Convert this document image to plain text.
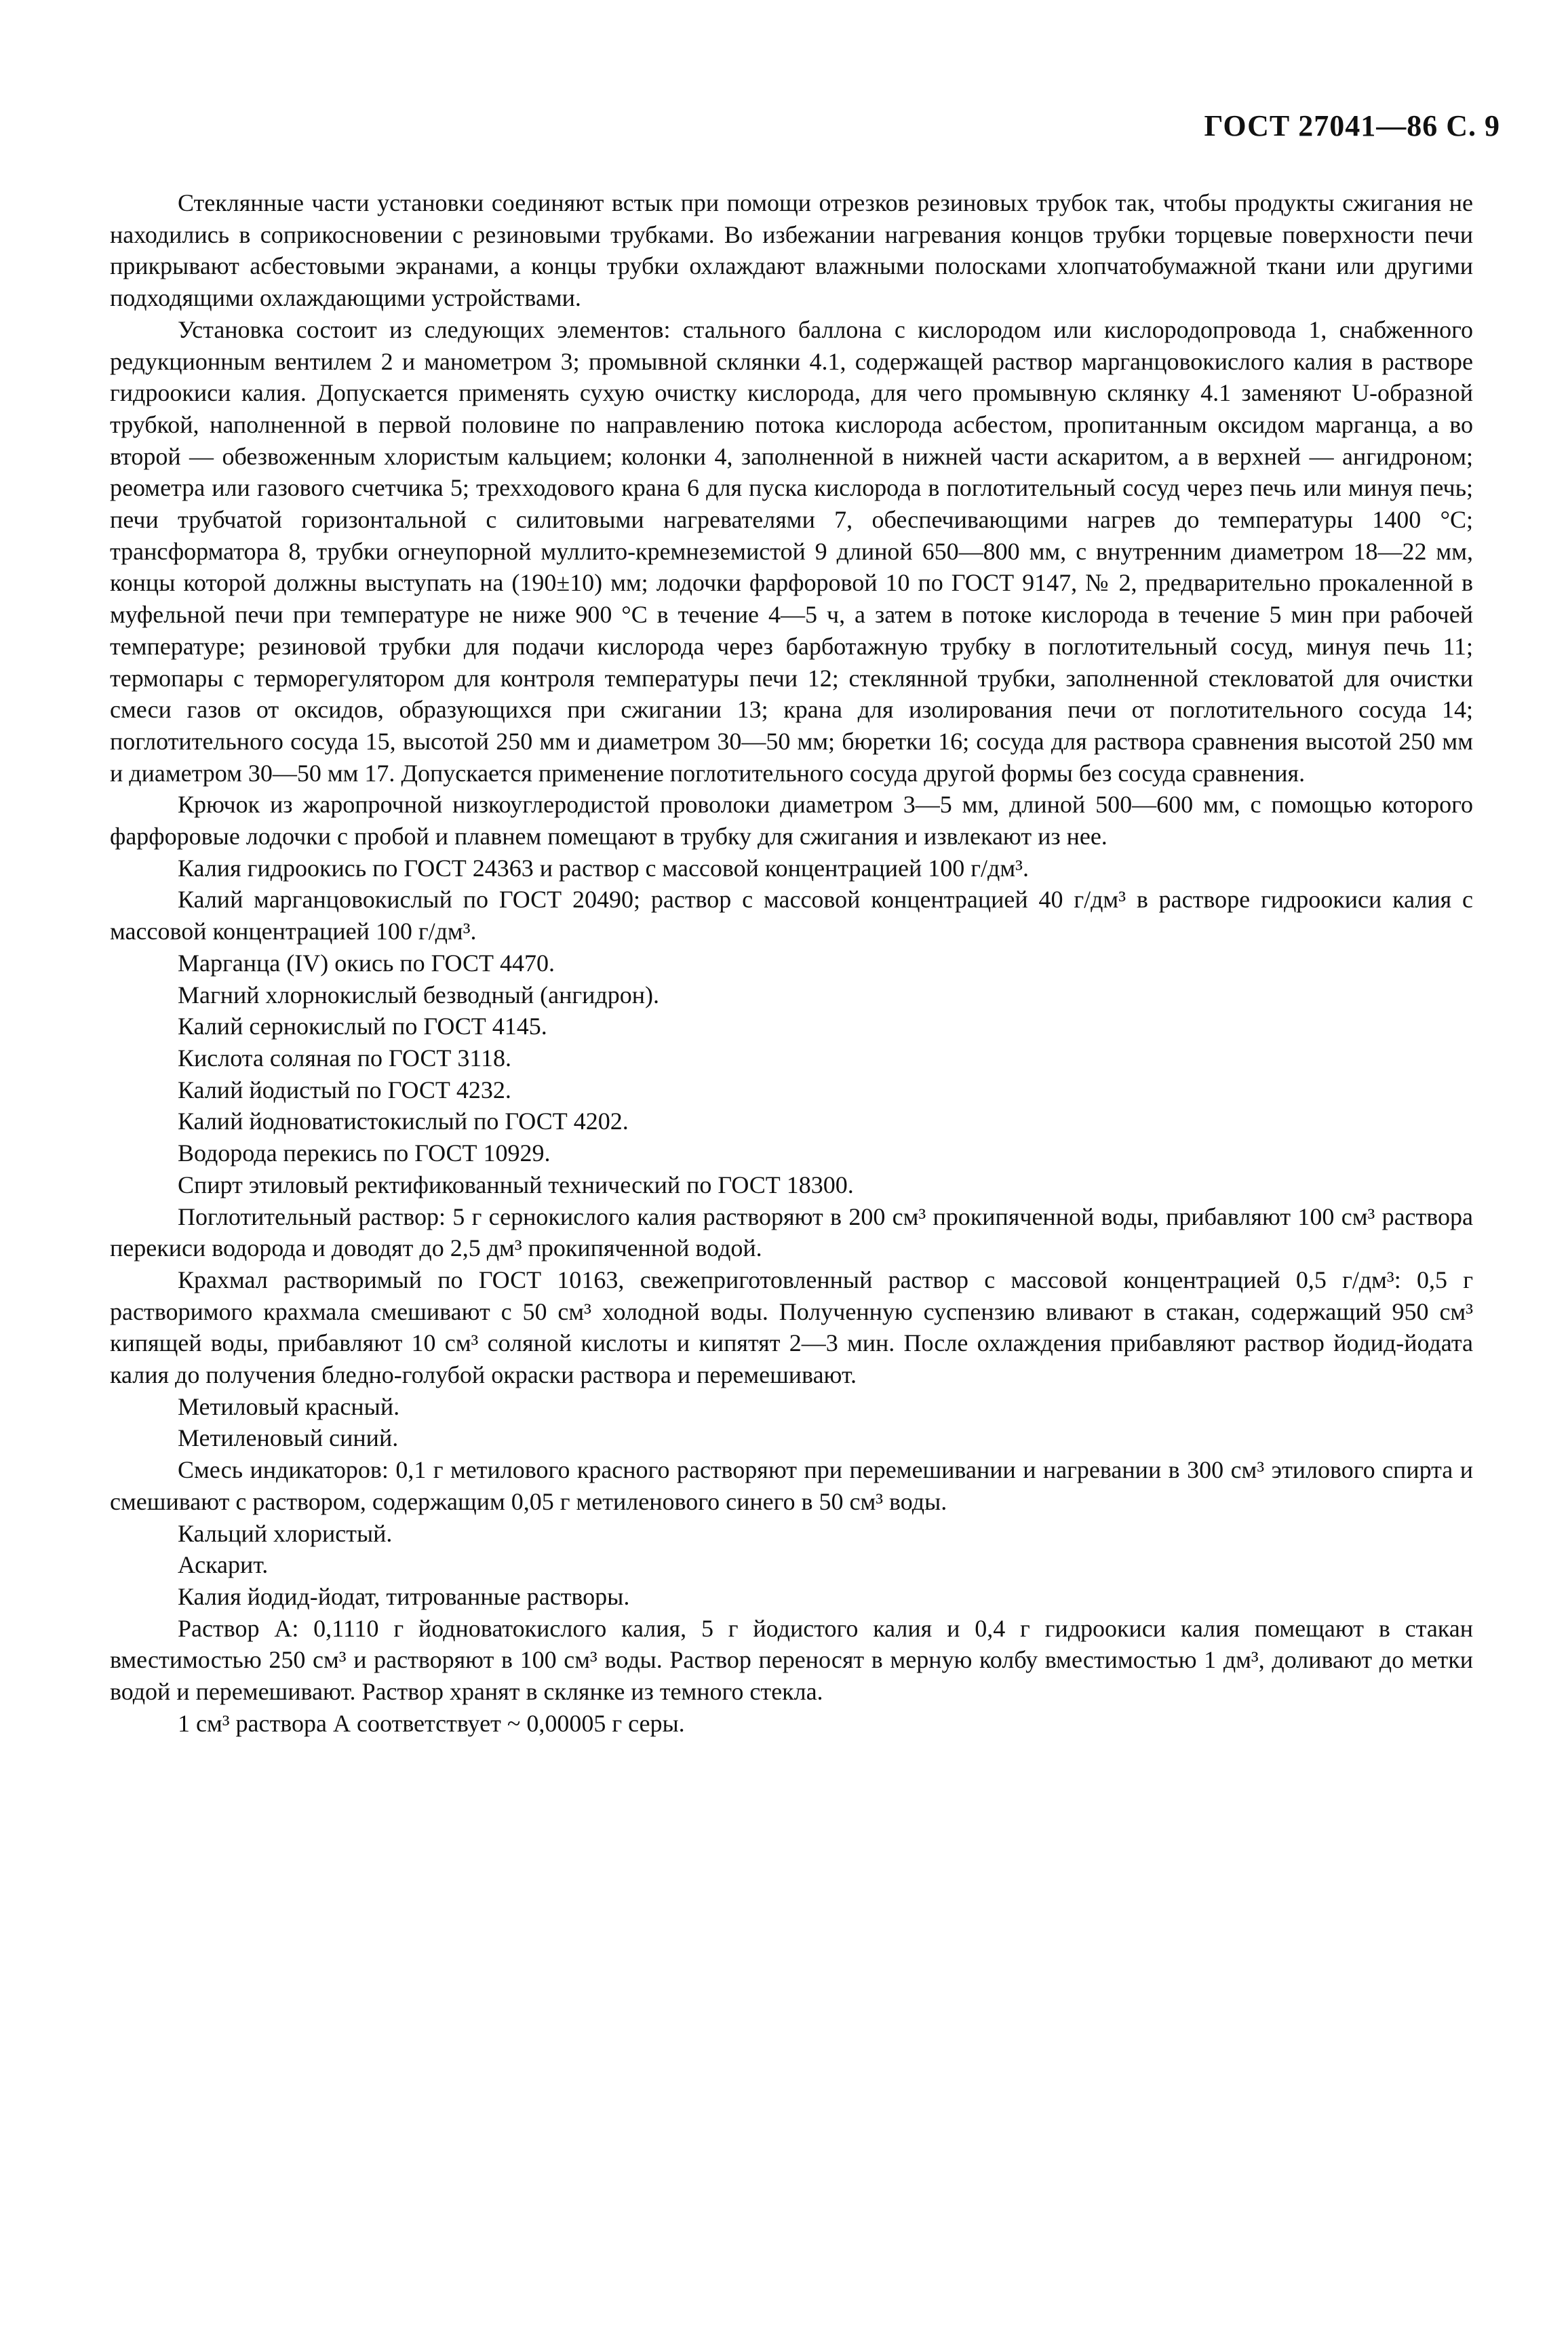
ГОСТ 27041—86 С. 9

Стеклянные части установки соединяют встык при помощи отрезков резиновых трубок так, чтобы продукты сжигания не находились в соприкосновении с резиновыми трубками. Во избежании нагревания концов трубки торцевые поверхности печи прикрывают асбестовыми экранами, а концы трубки охлаждают влажными полосками хлопчатобумажной ткани или другими подходящими охлаждающими устройствами.

Установка состоит из следующих элементов: стального баллона с кислородом или кислородопровода 1, снабженного редукционным вентилем 2 и манометром 3; промывной склянки 4.1, содержащей раствор марганцовокислого калия в растворе гидроокиси калия. Допускается применять сухую очистку кислорода, для чего промывную склянку 4.1 заменяют U-образной трубкой, наполненной в первой половине по направлению потока кислорода асбестом, пропитанным оксидом марганца, а во второй — обезвоженным хлористым кальцием; колонки 4, заполненной в нижней части аскаритом, а в верхней — ангидроном; реометра или газового счетчика 5; трехходового крана 6 для пуска кислорода в поглотительный сосуд через печь или минуя печь; печи трубчатой горизонтальной с силитовыми нагревателями 7, обеспечивающими нагрев до температуры 1400 °С; трансформатора 8, трубки огнеупорной муллито-кремнеземистой 9 длиной 650—800 мм, с внутренним диаметром 18—22 мм, концы которой должны выступать на (190±10) мм; лодочки фарфоровой 10 по ГОСТ 9147, № 2, предварительно прокаленной в муфельной печи при температуре не ниже 900 °С в течение 4—5 ч, а затем в потоке кислорода в течение 5 мин при рабочей температуре; резиновой трубки для подачи кислорода через барботажную трубку в поглотительный сосуд, минуя печь 11; термопары с терморегулятором для контроля температуры печи 12; стеклянной трубки, заполненной стекловатой для очистки смеси газов от оксидов, образующихся при сжигании 13; крана для изолирования печи от поглотительного сосуда 14; поглотительного сосуда 15, высотой 250 мм и диаметром 30—50 мм; бюретки 16; сосуда для раствора сравнения высотой 250 мм и диаметром 30—50 мм 17. Допускается применение поглотительного сосуда другой формы без сосуда сравнения.

Крючок из жаропрочной низкоуглеродистой проволоки диаметром 3—5 мм, длиной 500—600 мм, с помощью которого фарфоровые лодочки с пробой и плавнем помещают в трубку для сжигания и извлекают из нее.

Калия гидроокись по ГОСТ 24363 и раствор с массовой концентрацией 100 г/дм³.

Калий марганцовокислый по ГОСТ 20490; раствор с массовой концентрацией 40 г/дм³ в растворе гидроокиси калия с массовой концентрацией 100 г/дм³.

Марганца (IV) окись по ГОСТ 4470.

Магний хлорнокислый безводный (ангидрон).

Калий сернокислый по ГОСТ 4145.

Кислота соляная по ГОСТ 3118.

Калий йодистый по ГОСТ 4232.

Калий йодноватистокислый по ГОСТ 4202.

Водорода перекись по ГОСТ 10929.

Спирт этиловый ректификованный технический по ГОСТ 18300.

Поглотительный раствор: 5 г сернокислого калия растворяют в 200 см³ прокипяченной воды, прибавляют 100 см³ раствора перекиси водорода и доводят до 2,5 дм³ прокипяченной водой.

Крахмал растворимый по ГОСТ 10163, свежеприготовленный раствор с массовой концентрацией 0,5 г/дм³: 0,5 г растворимого крахмала смешивают с 50 см³ холодной воды. Полученную суспензию вливают в стакан, содержащий 950 см³ кипящей воды, прибавляют 10 см³ соляной кислоты и кипятят 2—3 мин. После охлаждения прибавляют раствор йодид-йодата калия до получения бледно-голубой окраски раствора и перемешивают.

Метиловый красный.

Метиленовый синий.

Смесь индикаторов: 0,1 г метилового красного растворяют при перемешивании и нагревании в 300 см³ этилового спирта и смешивают с раствором, содержащим 0,05 г метиленового синего в 50 см³ воды.

Кальций хлористый.

Аскарит.

Калия йодид-йодат, титрованные растворы.

Раствор А: 0,1110 г йодноватокислого калия, 5 г йодистого калия и 0,4 г гидроокиси калия помещают в стакан вместимостью 250 см³ и растворяют в 100 см³ воды. Раствор переносят в мерную колбу вместимостью 1 дм³, доливают до метки водой и перемешивают. Раствор хранят в склянке из темного стекла.

1 см³ раствора А соответствует ~ 0,00005 г серы.
